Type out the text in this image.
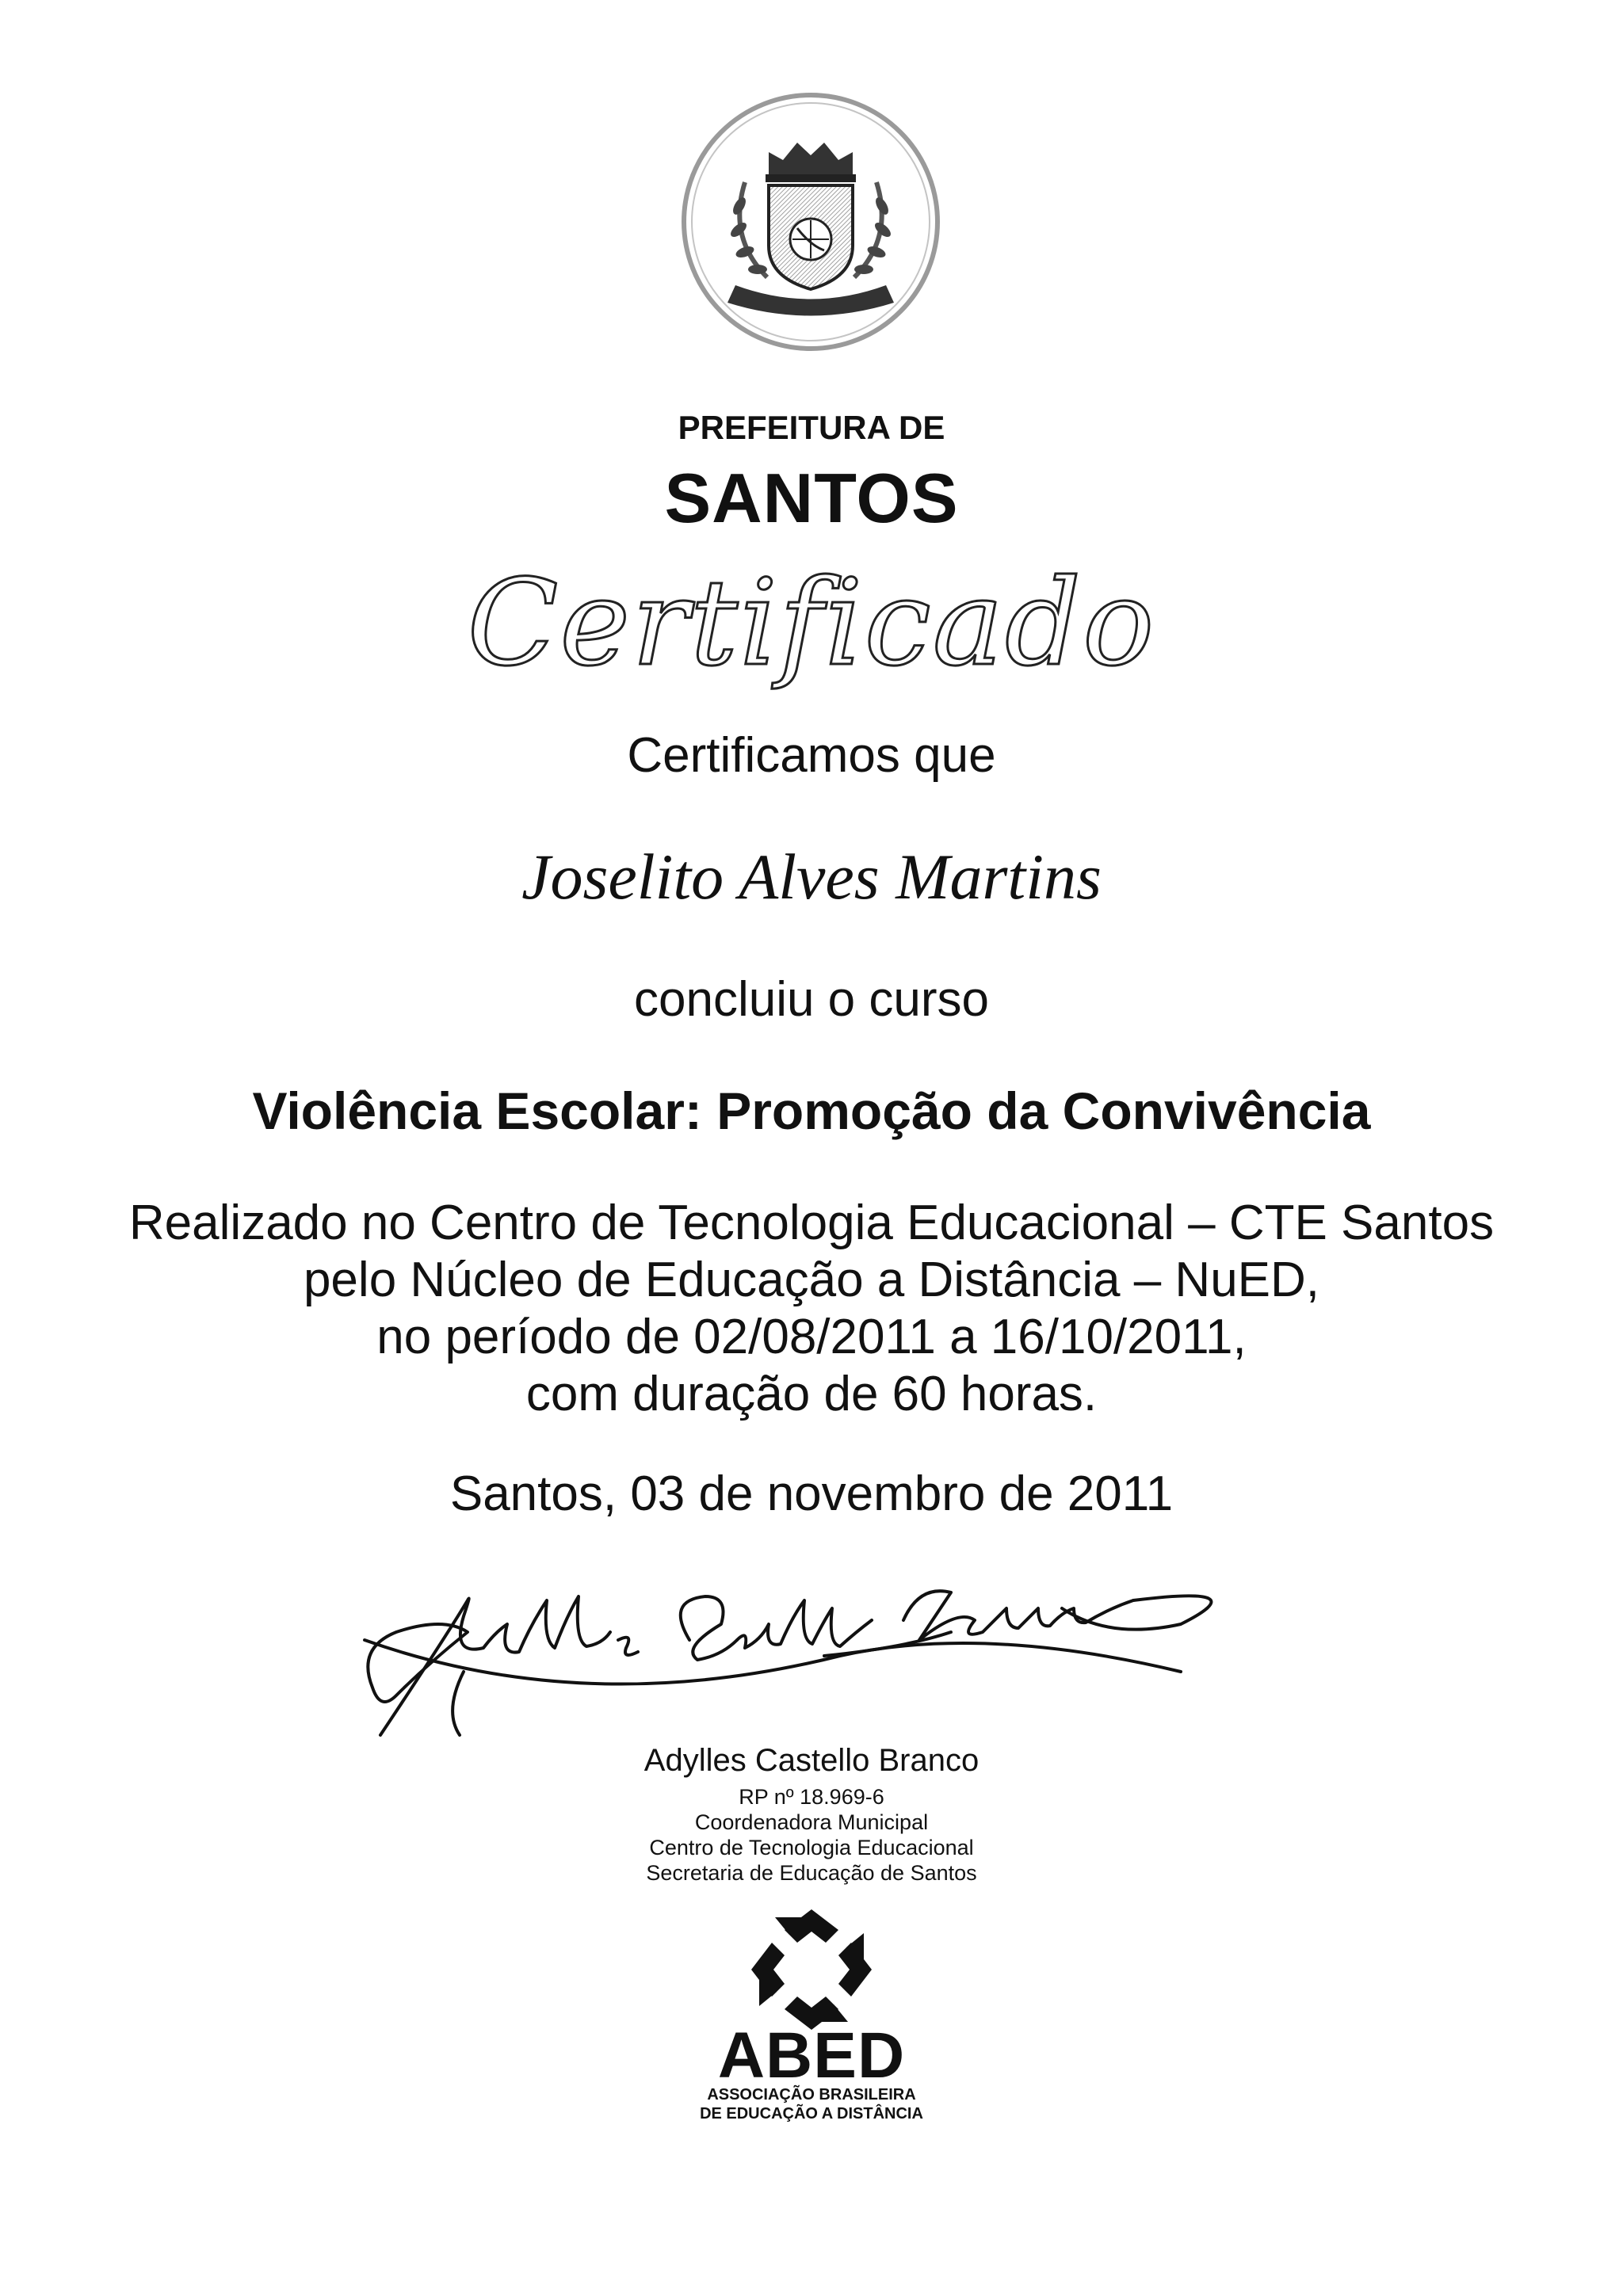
PREFEITURA DE
SANTOS
Certificado
Certificamos que
Joselito Alves Martins
concluiu o curso
Violência Escolar: Promoção da Convivência
Realizado no Centro de Tecnologia Educacional – CTE Santos
pelo Núcleo de Educação a Distância – NuED,
no período de 02/08/2011 a 16/10/2011,
com duração de 60 horas.
Santos, 03 de novembro de 2011
Adylles Castello Branco
RP nº 18.969-6
Coordenadora Municipal
Centro de Tecnologia Educacional
Secretaria de Educação de Santos
ABED
ASSOCIAÇÃO BRASILEIRA
DE EDUCAÇÃO A DISTÂNCIA
